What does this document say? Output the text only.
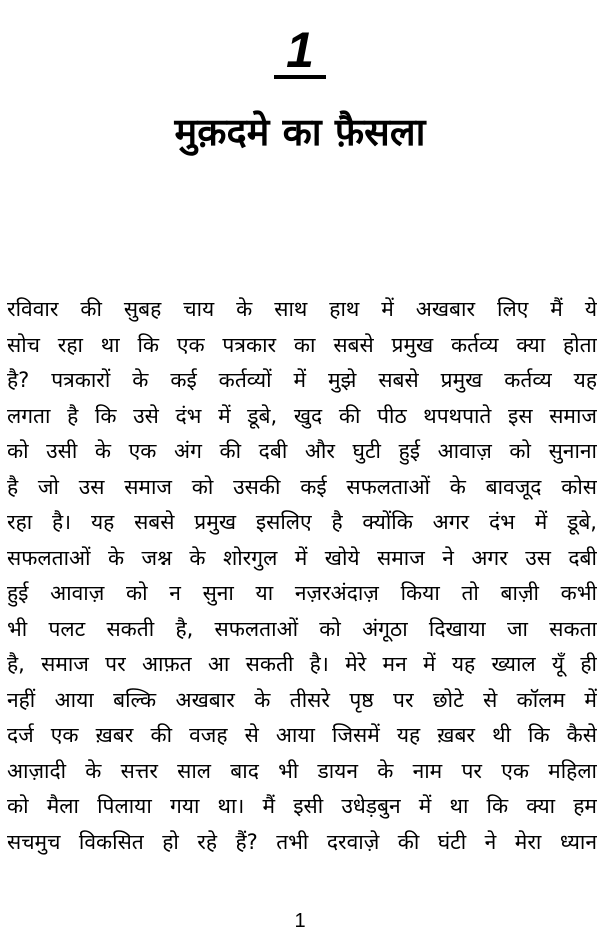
1
मुक़दमे का फ़ैसला
रविवार की सुबह चाय के साथ हाथ में अखबार लिए मैं ये
सोच रहा था कि एक पत्रकार का सबसे प्रमुख कर्तव्य क्या होता
है? पत्रकारों के कई कर्तव्यों में मुझे सबसे प्रमुख कर्तव्य यह
लगता है कि उसे दंभ में डूबे, खुद की पीठ थपथपाते इस समाज
को उसी के एक अंग की दबी और घुटी हुई आवाज़ को सुनाना
है जो उस समाज को उसकी कई सफलताओं के बावजूद कोस
रहा है। यह सबसे प्रमुख इसलिए है क्योंकि अगर दंभ में डूबे,
सफलताओं के जश्न के शोरगुल में खोये समाज ने अगर उस दबी
हुई आवाज़ को न सुना या नज़रअंदाज़ किया तो बाज़ी कभी
भी पलट सकती है, सफलताओं को अंगूठा दिखाया जा सकता
है, समाज पर आफ़त आ सकती है। मेरे मन में यह ख्याल यूँ ही
नहीं आया बल्कि अखबार के तीसरे पृष्ठ पर छोटे से कॉलम में
दर्ज एक ख़बर की वजह से आया जिसमें यह ख़बर थी कि कैसे
आज़ादी के सत्तर साल बाद भी डायन के नाम पर एक महिला
को मैला पिलाया गया था। मैं इसी उधेड़बुन में था कि क्या हम
सचमुच विकसित हो रहे हैं? तभी दरवाज़े की घंटी ने मेरा ध्यान
1
